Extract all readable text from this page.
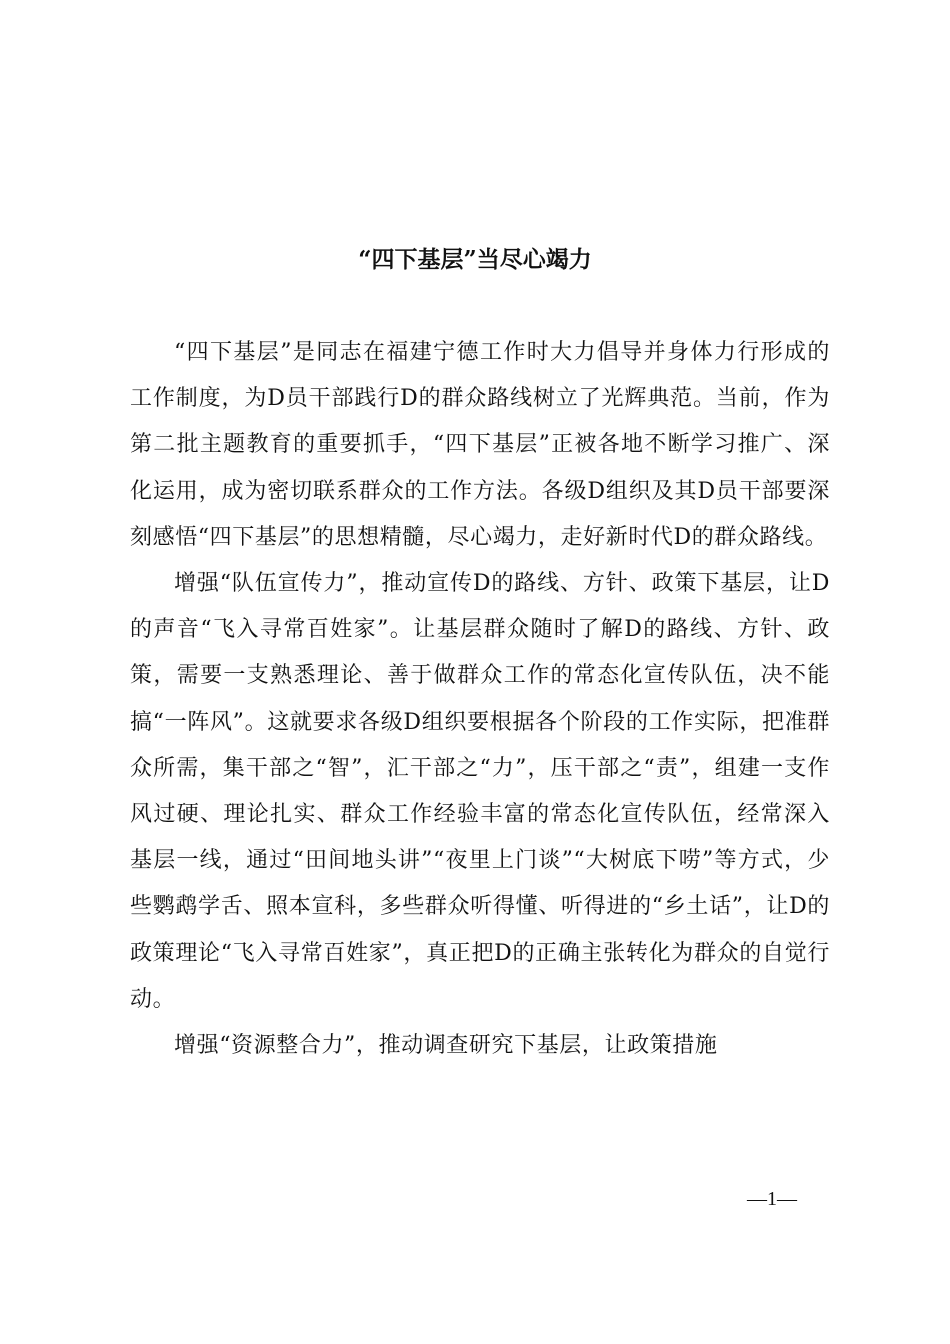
“四下基层”当尽心竭力

“四下基层”是同志在福建宁德工作时大力倡导并身体力行形成的工作制度，为D员干部践行D的群众路线树立了光辉典范。当前，作为第二批主题教育的重要抓手，“四下基层”正被各地不断学习推广、深化运用，成为密切联系群众的工作方法。各级D组织及其D员干部要深刻感悟“四下基层”的思想精髓，尽心竭力，走好新时代D的群众路线。

增强“队伍宣传力”，推动宣传D的路线、方针、政策下基层，让D的声音“飞入寻常百姓家”。让基层群众随时了解D的路线、方针、政策，需要一支熟悉理论、善于做群众工作的常态化宣传队伍，决不能搞“一阵风”。这就要求各级D组织要根据各个阶段的工作实际，把准群众所需，集干部之“智”，汇干部之“力”，压干部之“责”，组建一支作风过硬、理论扎实、群众工作经验丰富的常态化宣传队伍，经常深入基层一线，通过“田间地头讲”“夜里上门谈”“大树底下唠”等方式，少些鹦鹉学舌、照本宣科，多些群众听得懂、听得进的“乡土话”，让D的政策理论“飞入寻常百姓家”，真正把D的正确主张转化为群众的自觉行动。

增强“资源整合力”，推动调查研究下基层，让政策措施

—1—
